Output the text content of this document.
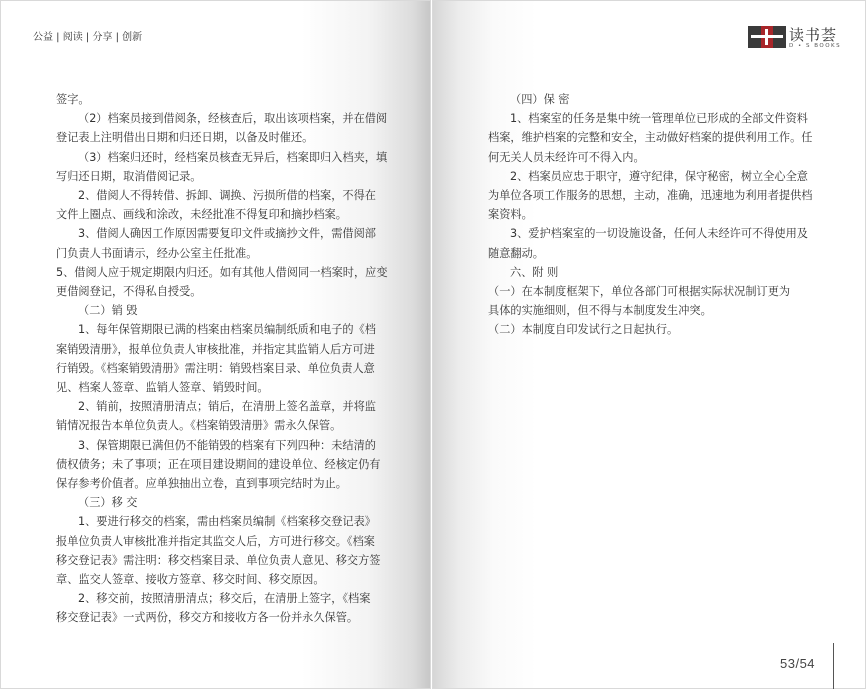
公益 | 阅读 | 分享 | 创新

签字。

（2）档案员接到借阅条，经核查后，取出该项档案，并在借阅

登记表上注明借出日期和归还日期，以备及时催还。

（3）档案归还时，经档案员核查无异后，档案即归入档夹，填

写归还日期，取消借阅记录。

2、借阅人不得转借、拆卸、调换、污损所借的档案，不得在

文件上圈点、画线和涂改，未经批准不得复印和摘抄档案。

3、借阅人确因工作原因需要复印文件或摘抄文件，需借阅部

门负责人书面请示，经办公室主任批准。

5、借阅人应于规定期限内归还。如有其他人借阅同一档案时，应变

更借阅登记，不得私自授受。

（二）销 毁

1、每年保管期限已满的档案由档案员编制纸质和电子的《档

案销毁清册》，报单位负责人审核批准，并指定其监销人后方可进

行销毁。《档案销毁清册》需注明：销毁档案目录、单位负责人意

见、档案人签章、监销人签章、销毁时间。

2、销前，按照清册清点；销后，在清册上签名盖章，并将监

销情况报告本单位负责人。《档案销毁清册》需永久保管。

3、保管期限已满但仍不能销毁的档案有下列四种：未结清的

债权债务；未了事项；正在项目建设期间的建设单位、经核定仍有

保存参考价值者。应单独抽出立卷，直到事项完结时为止。

（三）移 交

1、要进行移交的档案，需由档案员编制《档案移交登记表》

报单位负责人审核批准并指定其监交人后，方可进行移交。《档案

移交登记表》需注明：移交档案目录、单位负责人意见、移交方签

章、监交人签章、接收方签章、移交时间、移交原因。

2、移交前，按照清册清点；移交后，在清册上签字，《档案

移交登记表》一式两份，移交方和接收方各一份并永久保管。

读书荟
D • S BOOKS

（四）保 密

1、档案室的任务是集中统一管理单位已形成的全部文件资料

档案，维护档案的完整和安全，主动做好档案的提供利用工作。任

何无关人员未经许可不得入内。

2、档案员应忠于职守，遵守纪律，保守秘密，树立全心全意

为单位各项工作服务的思想，主动，准确，迅速地为利用者提供档

案资料。

3、爱护档案室的一切设施设备，任何人未经许可不得使用及

随意翻动。

六、附 则

（一）在本制度框架下，单位各部门可根据实际状况制订更为

具体的实施细则，但不得与本制度发生冲突。

（二）本制度自印发试行之日起执行。

53/54
